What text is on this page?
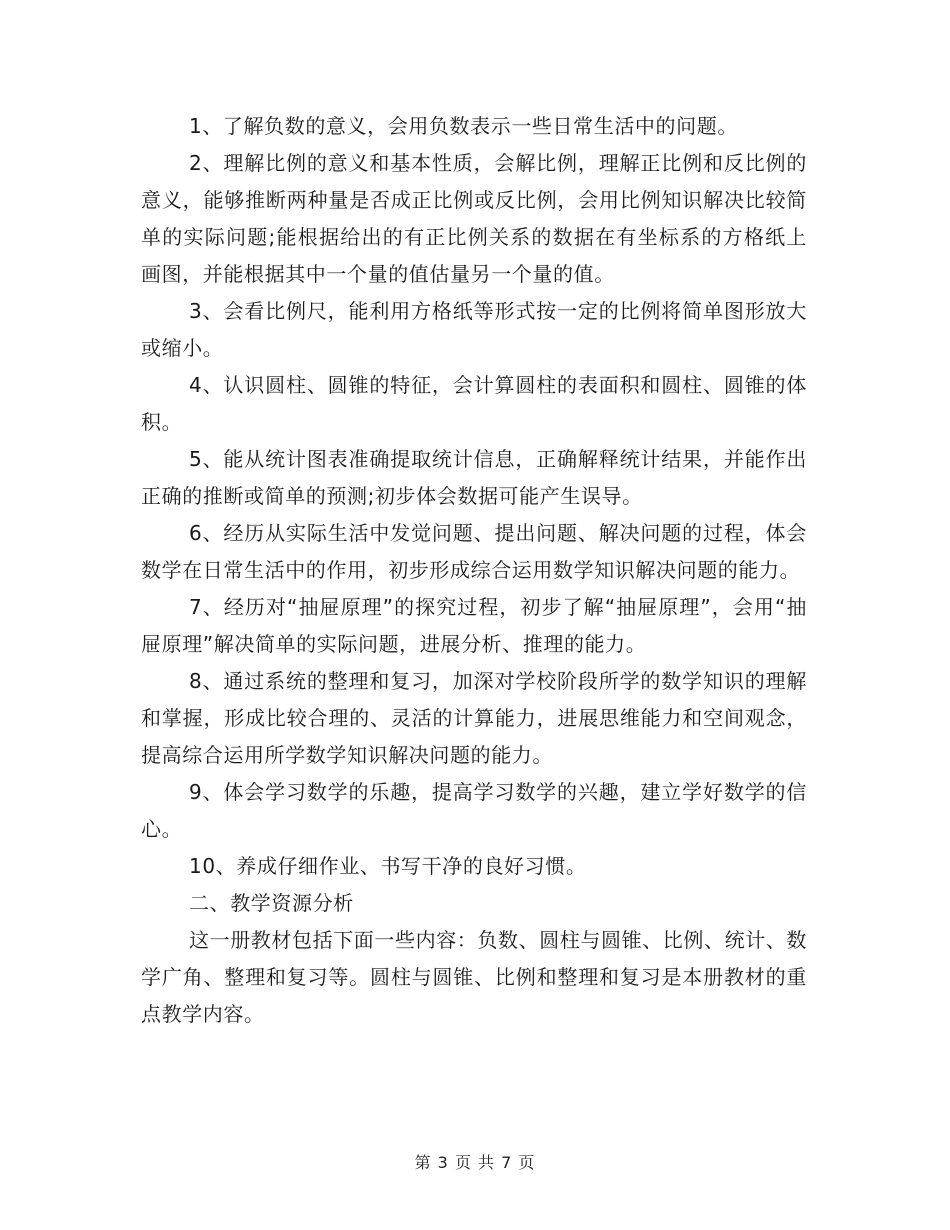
1、了解负数的意义，会用负数表示一些日常生活中的问题。

2、理解比例的意义和基本性质，会解比例，理解正比例和反比例的意义，能够推断两种量是否成正比例或反比例，会用比例知识解决比较简单的实际问题;能根据给出的有正比例关系的数据在有坐标系的方格纸上画图，并能根据其中一个量的值估量另一个量的值。

3、会看比例尺，能利用方格纸等形式按一定的比例将简单图形放大或缩小。

4、认识圆柱、圆锥的特征，会计算圆柱的表面积和圆柱、圆锥的体积。

5、能从统计图表准确提取统计信息，正确解释统计结果，并能作出正确的推断或简单的预测;初步体会数据可能产生误导。

6、经历从实际生活中发觉问题、提出问题、解决问题的过程，体会数学在日常生活中的作用，初步形成综合运用数学知识解决问题的能力。

7、经历对“抽屉原理”的探究过程，初步了解“抽屉原理”，会用“抽屉原理”解决简单的实际问题，进展分析、推理的能力。

8、通过系统的整理和复习，加深对学校阶段所学的数学知识的理解和掌握，形成比较合理的、灵活的计算能力，进展思维能力和空间观念，提高综合运用所学数学知识解决问题的能力。

9、体会学习数学的乐趣，提高学习数学的兴趣，建立学好数学的信心。

10、养成仔细作业、书写干净的良好习惯。

二、教学资源分析

这一册教材包括下面一些内容：负数、圆柱与圆锥、比例、统计、数学广角、整理和复习等。圆柱与圆锥、比例和整理和复习是本册教材的重点教学内容。

第 3 页 共 7 页
